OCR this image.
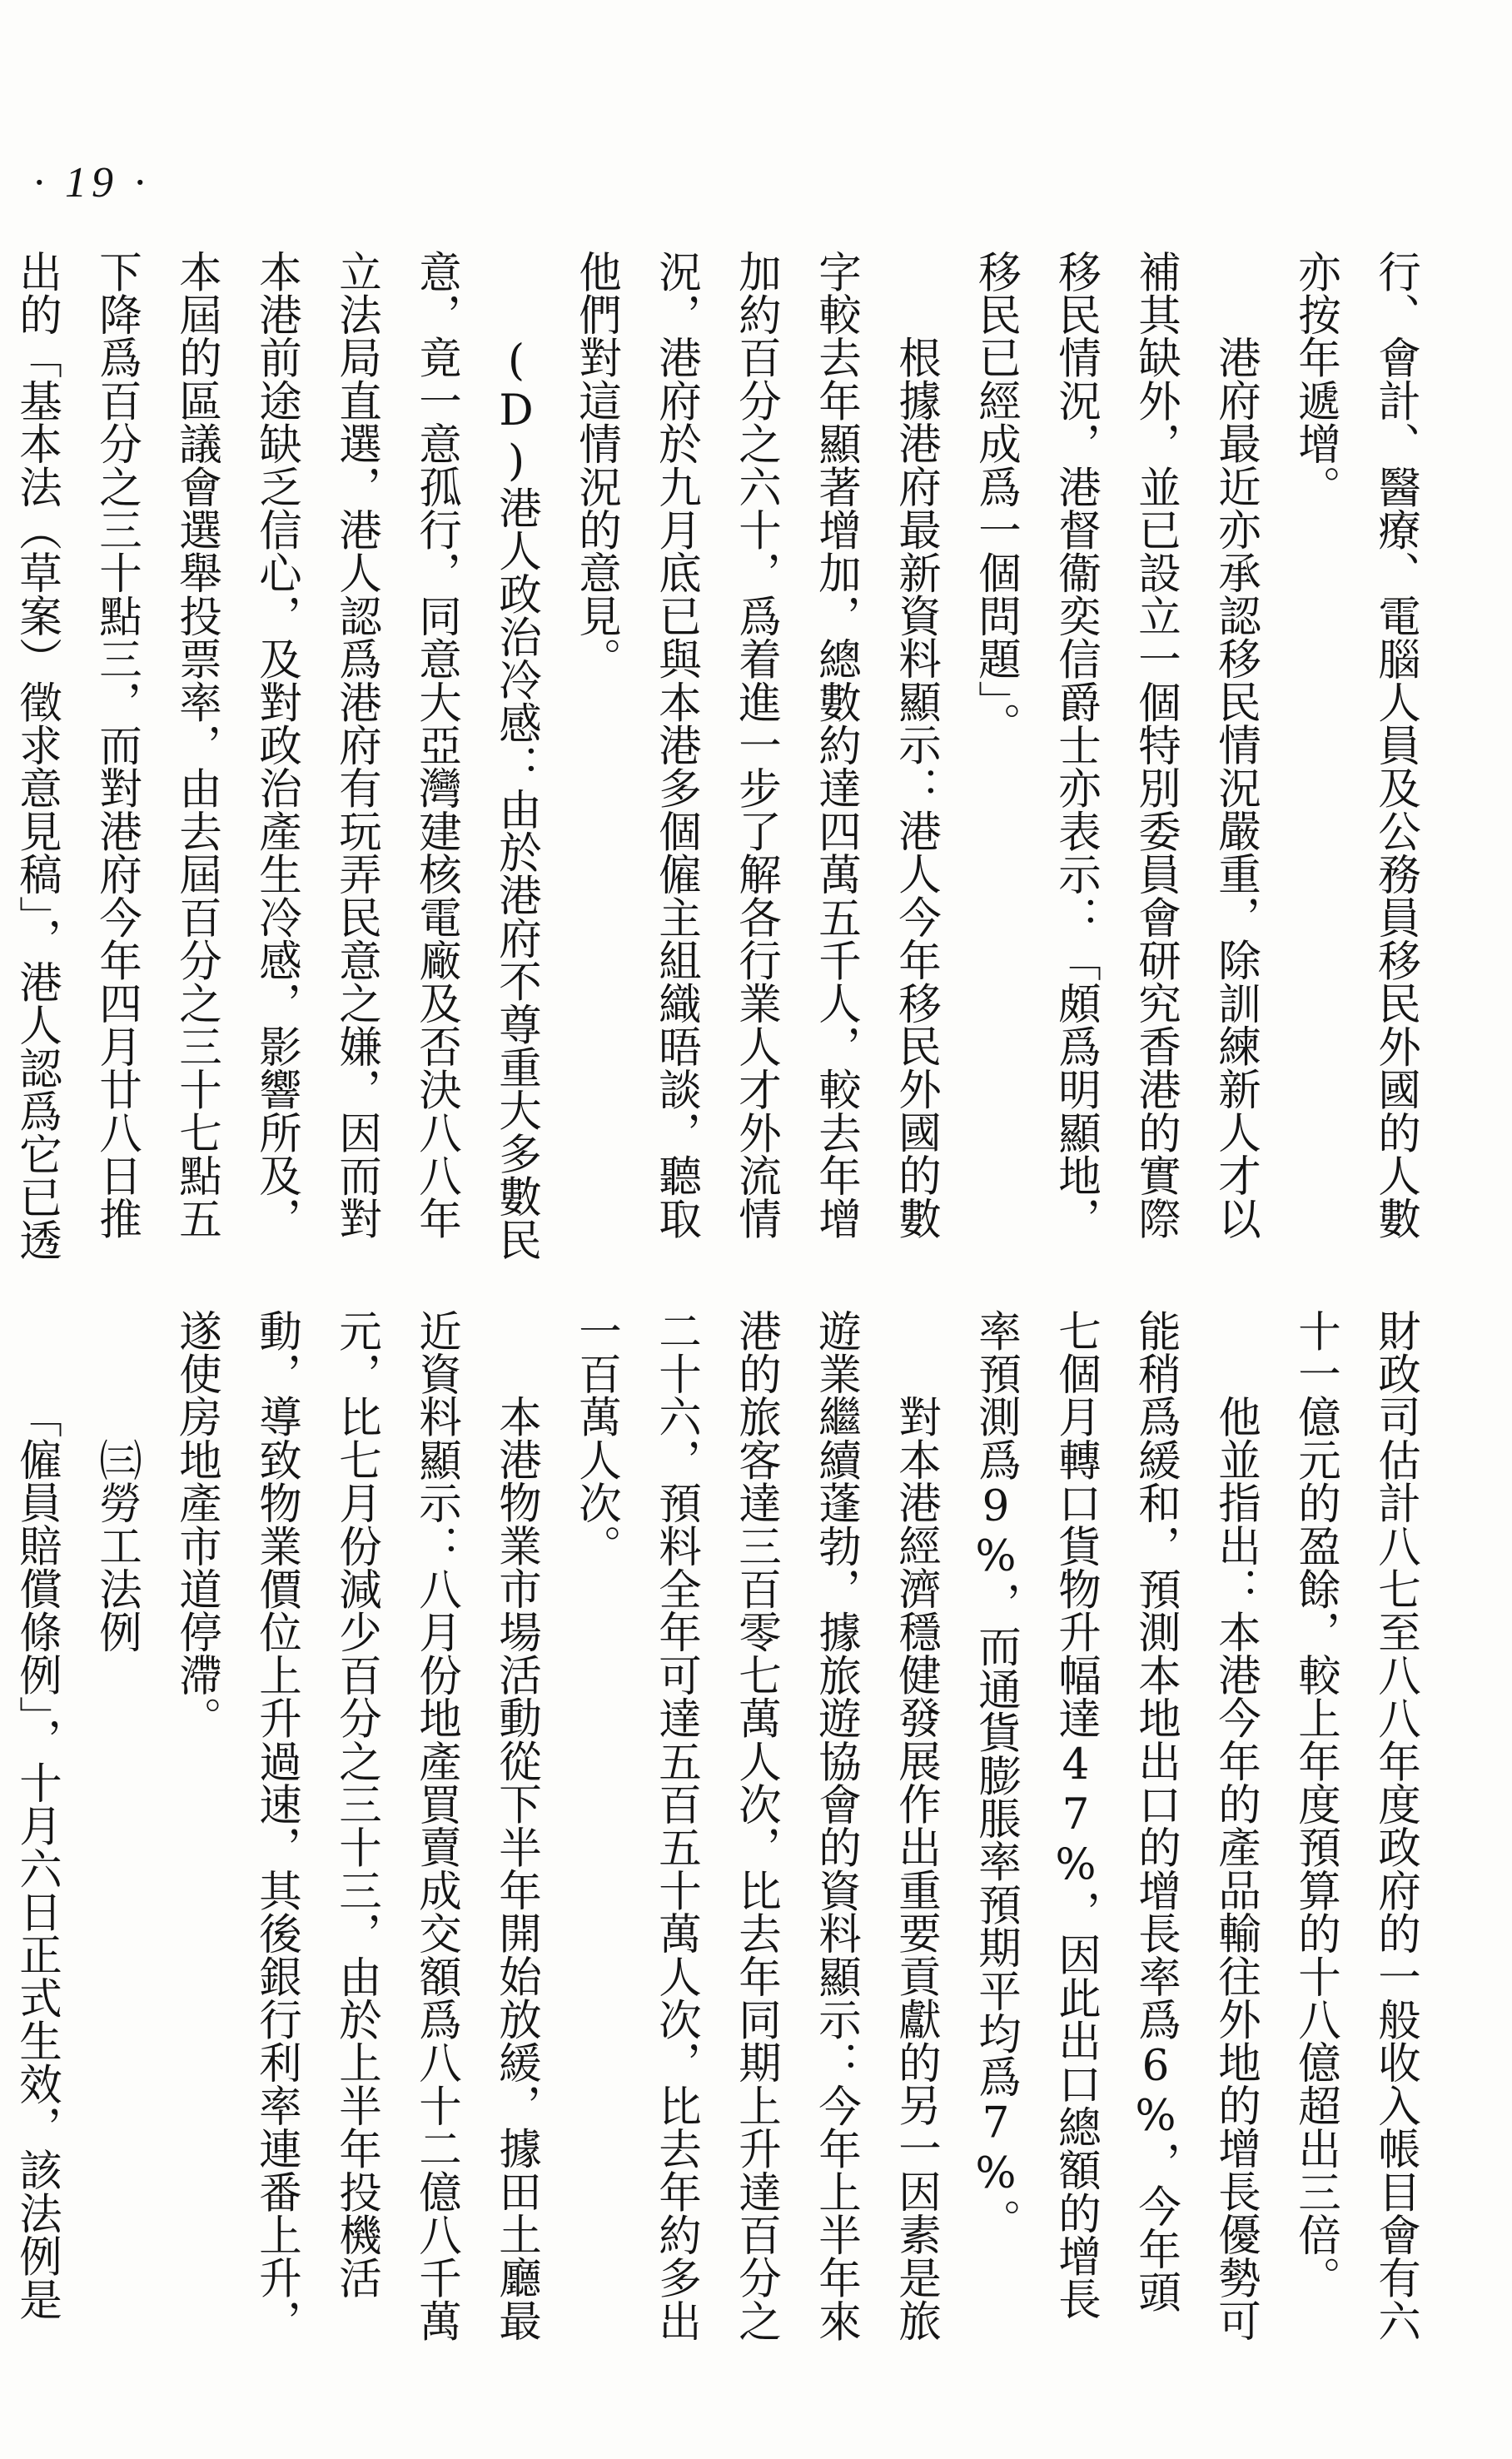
· 19 ·
行、會計、醫療、電腦人員及公務員移民外國的人數亦按年遞增。
港府最近亦承認移民情況嚴重，除訓練新人才以補其缺外，並已設立一個特別委員會研究香港的實際移民情況，港督衞奕信爵士亦表示：「頗爲明顯地，移民已經成爲一個問題」。
根據港府最新資料顯示：港人今年移民外國的數字較去年顯著增加，總數約達四萬五千人，較去年增加約百分之六十，爲着進一步了解各行業人才外流情況，港府於九月底已與本港多個僱主組織晤談，聽取他們對這情況的意見。
(D)港人政治冷感：由於港府不尊重大多數民意，竟一意孤行，同意大亞灣建核電廠及否決八八年立法局直選，港人認爲港府有玩弄民意之嫌，因而對本港前途缺乏信心，及對政治產生冷感，影響所及，本屆的區議會選舉投票率，由去屆百分之三十七點五下降爲百分之三十點三，而對港府今年四月廿八日推出的「基本法（草案）徵求意見稿」，港人認爲它已透
財政司估計八七至八八年度政府的一般收入帳目會有六十一億元的盈餘，較上年度預算的十八億超出三倍。
他並指出：本港今年的產品輸往外地的增長優勢可能稍爲緩和，預測本地出口的增長率爲6%，今年頭七個月轉口貨物升幅達47%，因此出口總額的增長率預測爲9%，而通貨膨脹率預期平均爲7%。
對本港經濟穩健發展作出重要貢獻的另一因素是旅遊業繼續蓬勃，據旅遊協會的資料顯示：今年上半年來港的旅客達三百零七萬人次，比去年同期上升達百分之二十六，預料全年可達五百五十萬人次，比去年約多出一百萬人次。
本港物業市場活動從下半年開始放緩，據田土廳最近資料顯示：八月份地產買賣成交額爲八十二億八千萬元，比七月份減少百分之三十三，由於上半年投機活動，導致物業價位上升過速，其後銀行利率連番上升，遂使房地產市道停滯。
㈢勞工法例
「僱員賠償條例」，十月六日正式生效，該法例是
